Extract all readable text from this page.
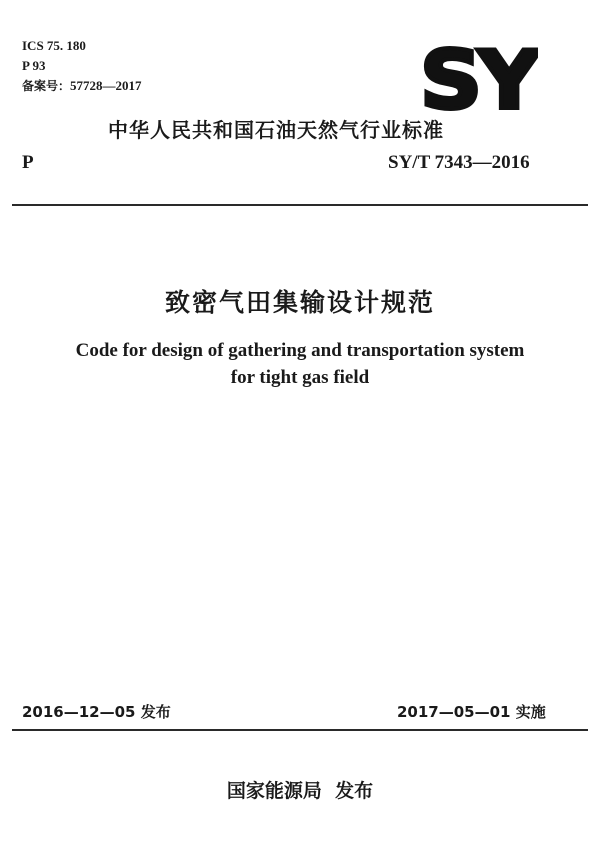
ICS 75. 180
P 93
备案号：57728—2017	SY
中华人民共和国石油天然气行业标准
P	SY/T 7343—2016
致密气田集输设计规范
Code for design of gathering and transportation system
for tight gas field
2016—12—05 发布	2017—05—01 实施
国家能源局  发布
